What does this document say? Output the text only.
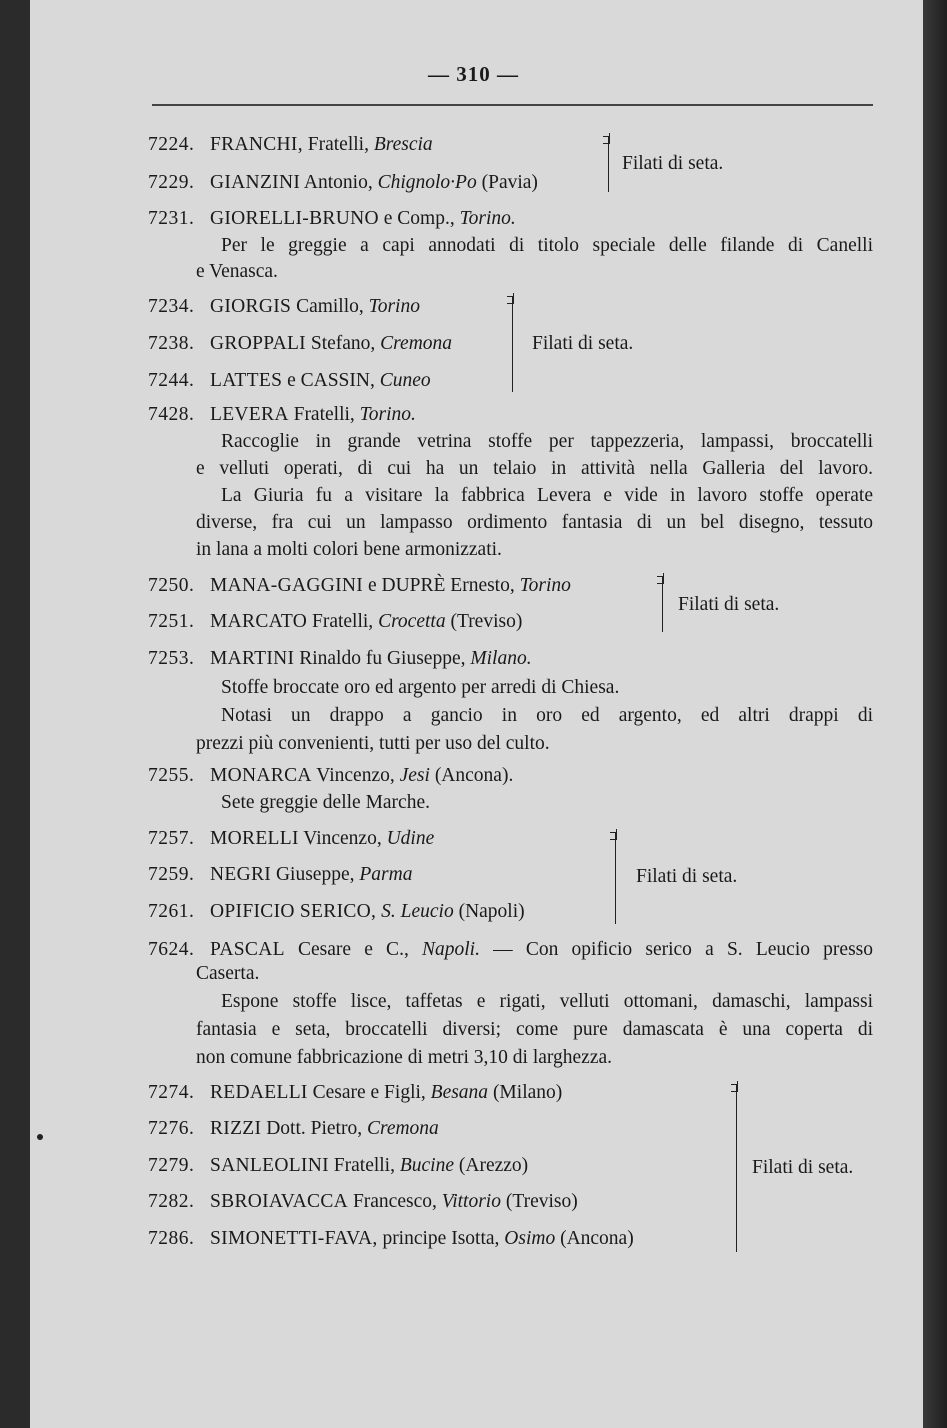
— 310 —
7224. FRANCHI, Fratelli, Brescia
7229. GIANZINI Antonio, Chignolo·Po (Pavia)
Filati di seta.
7231. GIORELLI-BRUNO e Comp., Torino.
Per le greggie a capi annodati di titolo speciale delle filande di Canelli
e Venasca.
7234. GIORGIS Camillo, Torino
7238. GROPPALI Stefano, Cremona
7244. LATTES e CASSIN, Cuneo
Filati di seta.
7428. LEVERA Fratelli, Torino.
Raccoglie in grande vetrina stoffe per tappezzeria, lampassi, broccatelli
e velluti operati, di cui ha un telaio in attività nella Galleria del lavoro.
La Giuria fu a visitare la fabbrica Levera e vide in lavoro stoffe operate
diverse, fra cui un lampasso ordimento fantasia di un bel disegno, tessuto
in lana a molti colori bene armonizzati.
7250. MANA-GAGGINI e DUPRÈ Ernesto, Torino
7251. MARCATO Fratelli, Crocetta (Treviso)
Filati di seta.
7253. MARTINI Rinaldo fu Giuseppe, Milano.
Stoffe broccate oro ed argento per arredi di Chiesa.
Notasi un drappo a gancio in oro ed argento, ed altri drappi di
prezzi più convenienti, tutti per uso del culto.
7255. MONARCA Vincenzo, Jesi (Ancona).
Sete greggie delle Marche.
7257. MORELLI Vincenzo, Udine
7259. NEGRI Giuseppe, Parma
7261. OPIFICIO SERICO, S. Leucio (Napoli)
Filati di seta.
7624. PASCAL Cesare e C., Napoli. — Con opificio serico a S. Leucio presso
Caserta.
Espone stoffe lisce, taffetas e rigati, velluti ottomani, damaschi, lampassi
fantasia e seta, broccatelli diversi; come pure damascata è una coperta di
non comune fabbricazione di metri 3,10 di larghezza.
7274. REDAELLI Cesare e Figli, Besana (Milano)
7276. RIZZI Dott. Pietro, Cremona
7279. SANLEOLINI Fratelli, Bucine (Arezzo)
7282. SBROIAVACCA Francesco, Vittorio (Treviso)
7286. SIMONETTI-FAVA, principe Isotta, Osimo (Ancona)
Filati di seta.
